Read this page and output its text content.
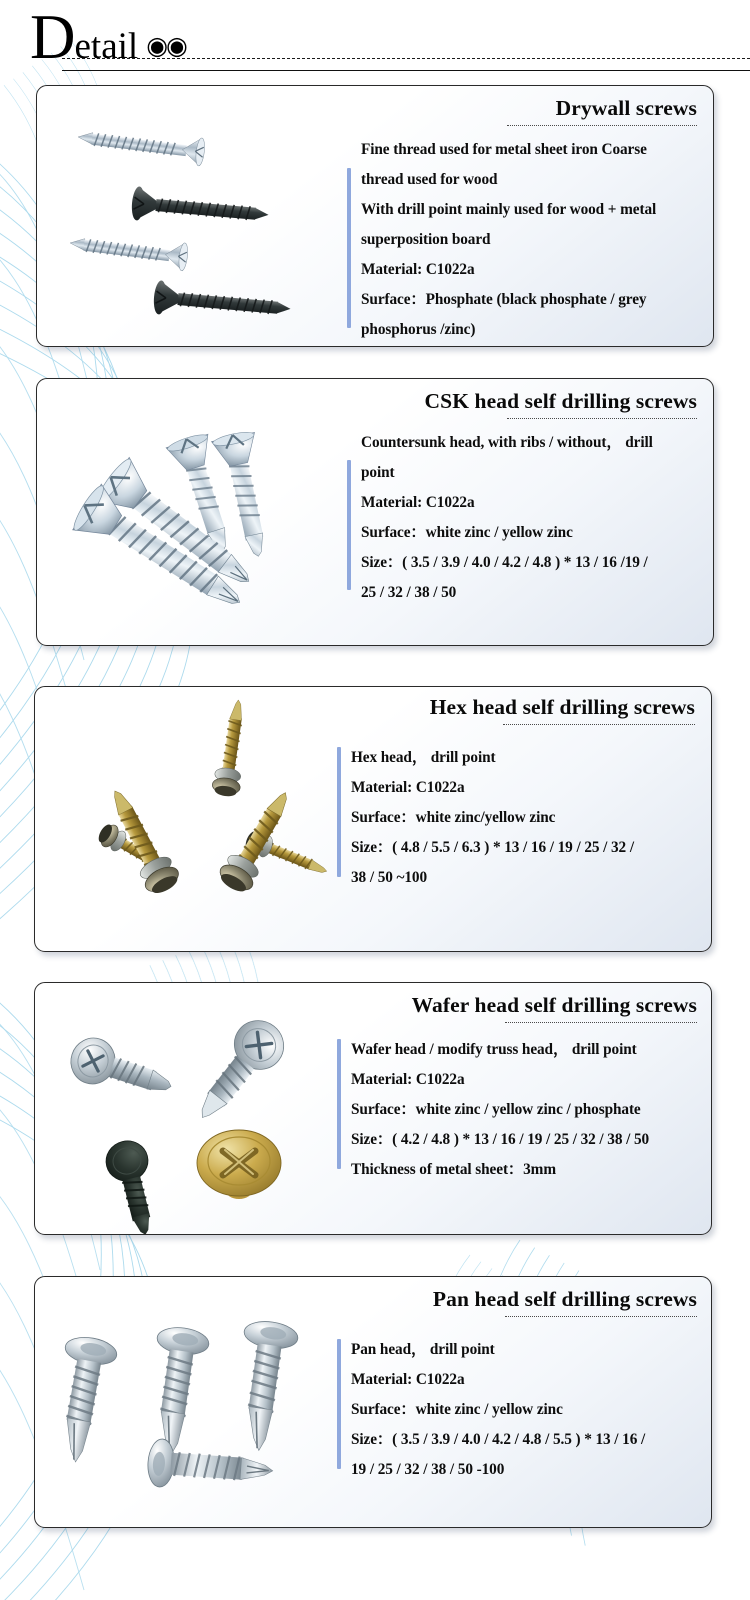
Detail ◉◉
Drywall screws
Fine thread used for metal sheet iron Coarse
thread used for wood
With drill point mainly used for wood + metal
superposition board
Material: C1022a
Surface：Phosphate (black phosphate / grey
phosphorus /zinc)
CSK head self drilling screws
Countersunk head, with ribs / without， drill
point
Material: C1022a
Surface：white zinc / yellow zinc
Size：( 3.5 / 3.9 / 4.0 / 4.2 / 4.8 ) * 13 / 16 /19 /
25 / 32 / 38 / 50
Hex head self drilling screws
Hex head， drill point
Material: C1022a
Surface：white zinc/yellow zinc
Size：( 4.8 / 5.5 / 6.3 ) * 13 / 16 / 19 / 25 / 32 /
38 / 50 ~100
Wafer head self drilling screws
Wafer head / modify truss head， drill point
Material: C1022a
Surface：white zinc / yellow zinc / phosphate
Size：( 4.2 / 4.8 ) * 13 / 16 / 19 / 25 / 32 / 38 / 50
Thickness of metal sheet：3mm
Pan head self drilling screws
Pan head， drill point
Material: C1022a
Surface：white zinc / yellow zinc
Size：( 3.5 / 3.9 / 4.0 / 4.2 / 4.8 / 5.5 ) * 13 / 16 /
19 / 25 / 32 / 38 / 50 -100
